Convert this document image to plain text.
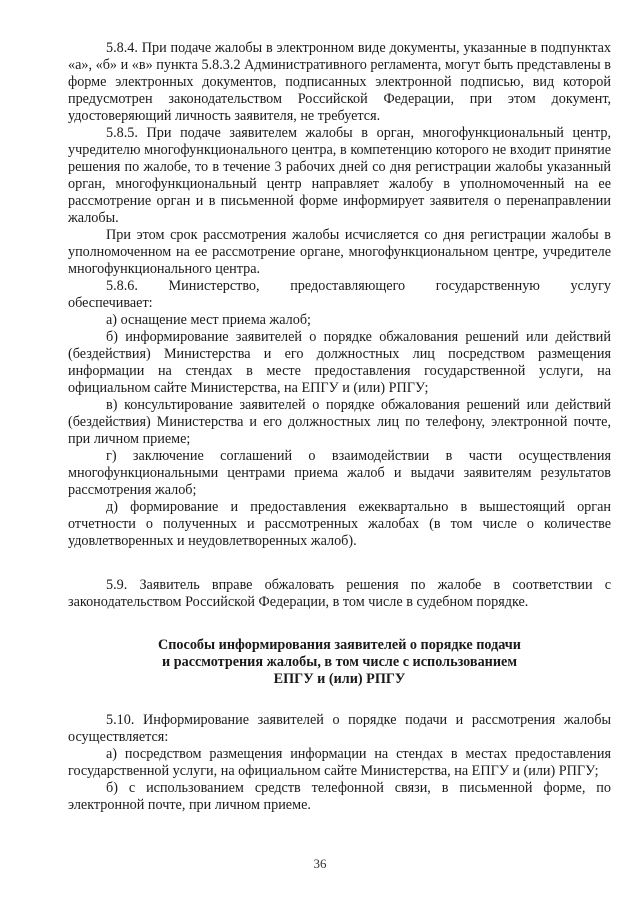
5.8.4. При подаче жалобы в электронном виде документы, указанные в подпунктах «а», «б» и «в» пункта 5.8.3.2 Административного регламента, могут быть представлены в форме электронных документов, подписанных электронной подписью, вид которой предусмотрен законодательством Российской Федерации, при этом документ, удостоверяющий личность заявителя, не требуется.

5.8.5. При подаче заявителем жалобы в орган, многофункциональный центр, учредителю многофункционального центра, в компетенцию которого не входит принятие решения по жалобе, то в течение 3 рабочих дней со дня регистрации жалобы указанный орган, многофункциональный центр направляет жалобу в уполномоченный на ее рассмотрение орган и в письменной форме информирует заявителя о перенаправлении жалобы.

При этом срок рассмотрения жалобы исчисляется со дня регистрации жалобы в уполномоченном на ее рассмотрение органе, многофункциональном центре, учредителе многофункционального центра.

5.8.6. Министерство, предоставляющего государственную услугу обеспечивает:

а) оснащение мест приема жалоб;

б) информирование заявителей о порядке обжалования решений или действий (бездействия) Министерства и его должностных лиц посредством размещения информации на стендах в месте предоставления государственной услуги, на официальном сайте Министерства, на ЕПГУ и (или) РПГУ;

в) консультирование заявителей о порядке обжалования решений или действий (бездействия) Министерства и его должностных лиц по телефону, электронной почте, при личном приеме;

г) заключение соглашений о взаимодействии в части осуществления многофункциональными центрами приема жалоб и выдачи заявителям результатов рассмотрения жалоб;

д) формирование и предоставления ежеквартально в вышестоящий орган отчетности о полученных и рассмотренных жалобах (в том числе о количестве удовлетворенных и неудовлетворенных жалоб).

5.9. Заявитель вправе обжаловать решения по жалобе в соответствии с законодательством Российской Федерации, в том числе в судебном порядке.

Способы информирования заявителей о порядке подачи

и рассмотрения жалобы, в том числе с использованием

ЕПГУ и (или) РПГУ

5.10. Информирование заявителей о порядке подачи и рассмотрения жалобы осуществляется:

а) посредством размещения информации на стендах в местах предоставления государственной услуги, на официальном сайте Министерства, на ЕПГУ и (или) РПГУ;

б) с использованием средств телефонной связи, в письменной форме, по электронной почте, при личном приеме.

36
